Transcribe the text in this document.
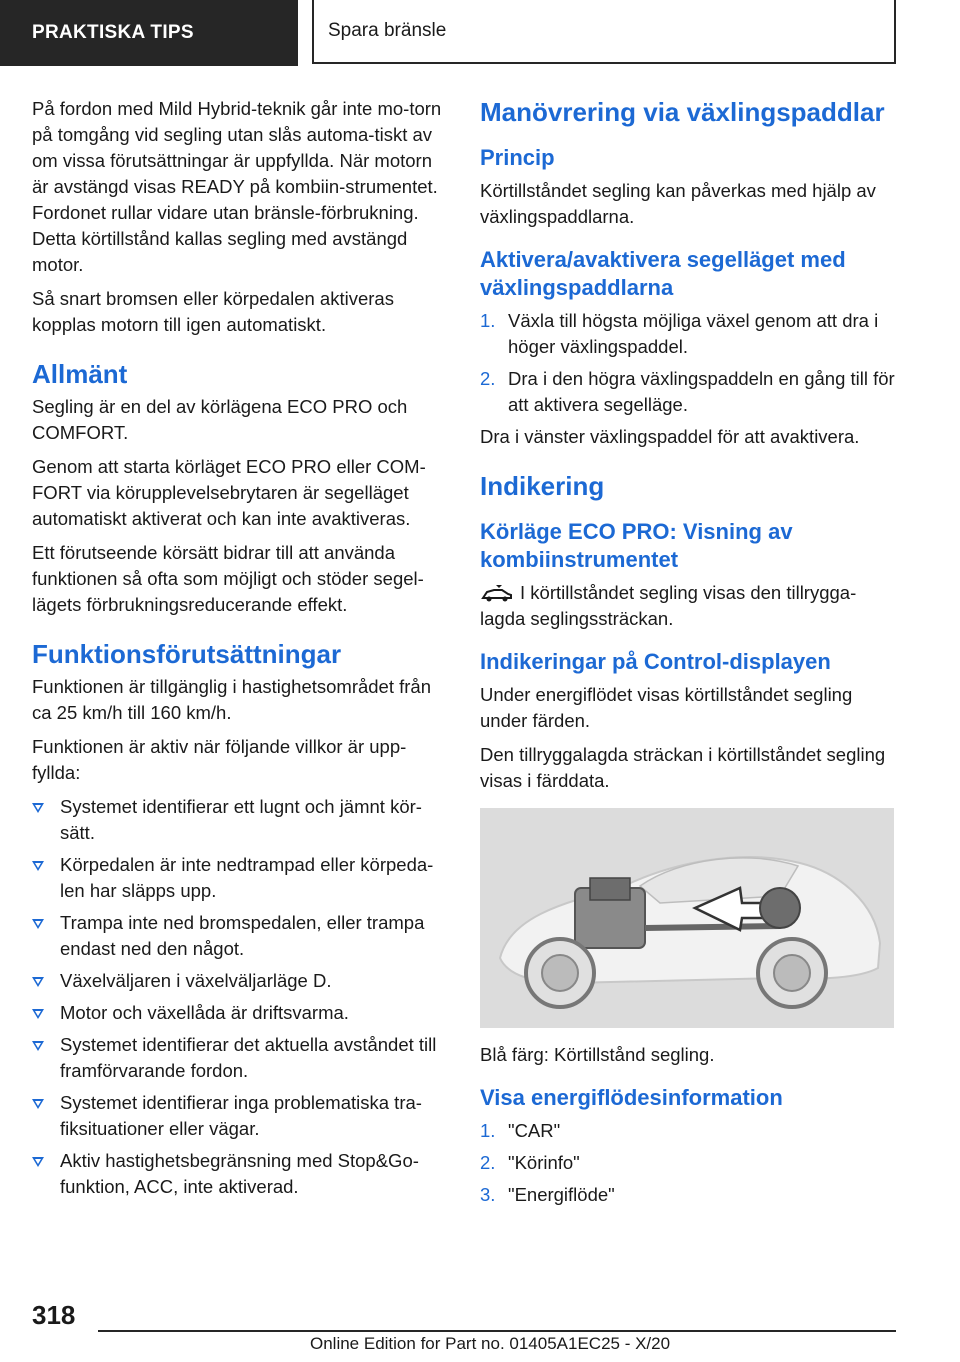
PRAKTISKA TIPS	Spara bränsle

På fordon med Mild Hybrid-teknik går inte mo-torn på tomgång vid segling utan slås automa-tiskt av om vissa förutsättningar är uppfyllda. När motorn är avstängd visas READY på kombiin-strumentet. Fordonet rullar vidare utan bränsle-förbrukning. Detta körtillstånd kallas segling med avstängd motor.

Så snart bromsen eller körpedalen aktiveras kopplas motorn till igen automatiskt.

Allmänt

Segling är en del av körlägena ECO PRO och COMFORT.

Genom att starta körläget ECO PRO eller COM-FORT via körupplevelsebrytaren är segelläget automatiskt aktiverat och kan inte avaktiveras.

Ett förutseende körsätt bidrar till att använda funktionen så ofta som möjligt och stöder segel-lägets förbrukningsreducerande effekt.

Funktionsförutsättningar

Funktionen är tillgänglig i hastighetsområdet från ca 25 km/h till 160 km/h.

Funktionen är aktiv när följande villkor är upp-fyllda:

Systemet identifierar ett lugnt och jämnt kör-sätt.
Körpedalen är inte nedtrampad eller körpeda-len har släpps upp.
Trampa inte ned bromspedalen, eller trampa endast ned den något.
Växelväljaren i växelväljarläge D.
Motor och växellåda är driftsvarma.
Systemet identifierar det aktuella avståndet till framförvarande fordon.
Systemet identifierar inga problematiska tra-fiksituationer eller vägar.
Aktiv hastighetsbegränsning med Stop&Go-funktion, ACC, inte aktiverad.
Manövrering via växlingspaddlar
Princip

Körtillståndet segling kan påverkas med hjälp av växlingspaddlarna.

Aktivera/avaktivera segelläget med växlingspaddlarna
1. Växla till högsta möjliga växel genom att dra i höger växlingspaddel.
2. Dra i den högra växlingspaddeln en gång till för att aktivera segelläge.

Dra i vänster växlingspaddel för att avaktivera.

Indikering
Körläge ECO PRO: Visning av kombiinstrumentet

I körtillståndet segling visas den tillrygga-lagda seglingssträckan.

Indikeringar på Control-displayen

Under energiflödet visas körtillståndet segling under färden.

Den tillryggalagda sträckan i körtillståndet segling visas i färddata.

Blå färg: Körtillstånd segling.

Visa energiflödesinformation
1. "CAR"
2. "Körinfo"
3. "Energiflöde"
318
Online Edition for Part no. 01405A1EC25 - X/20
